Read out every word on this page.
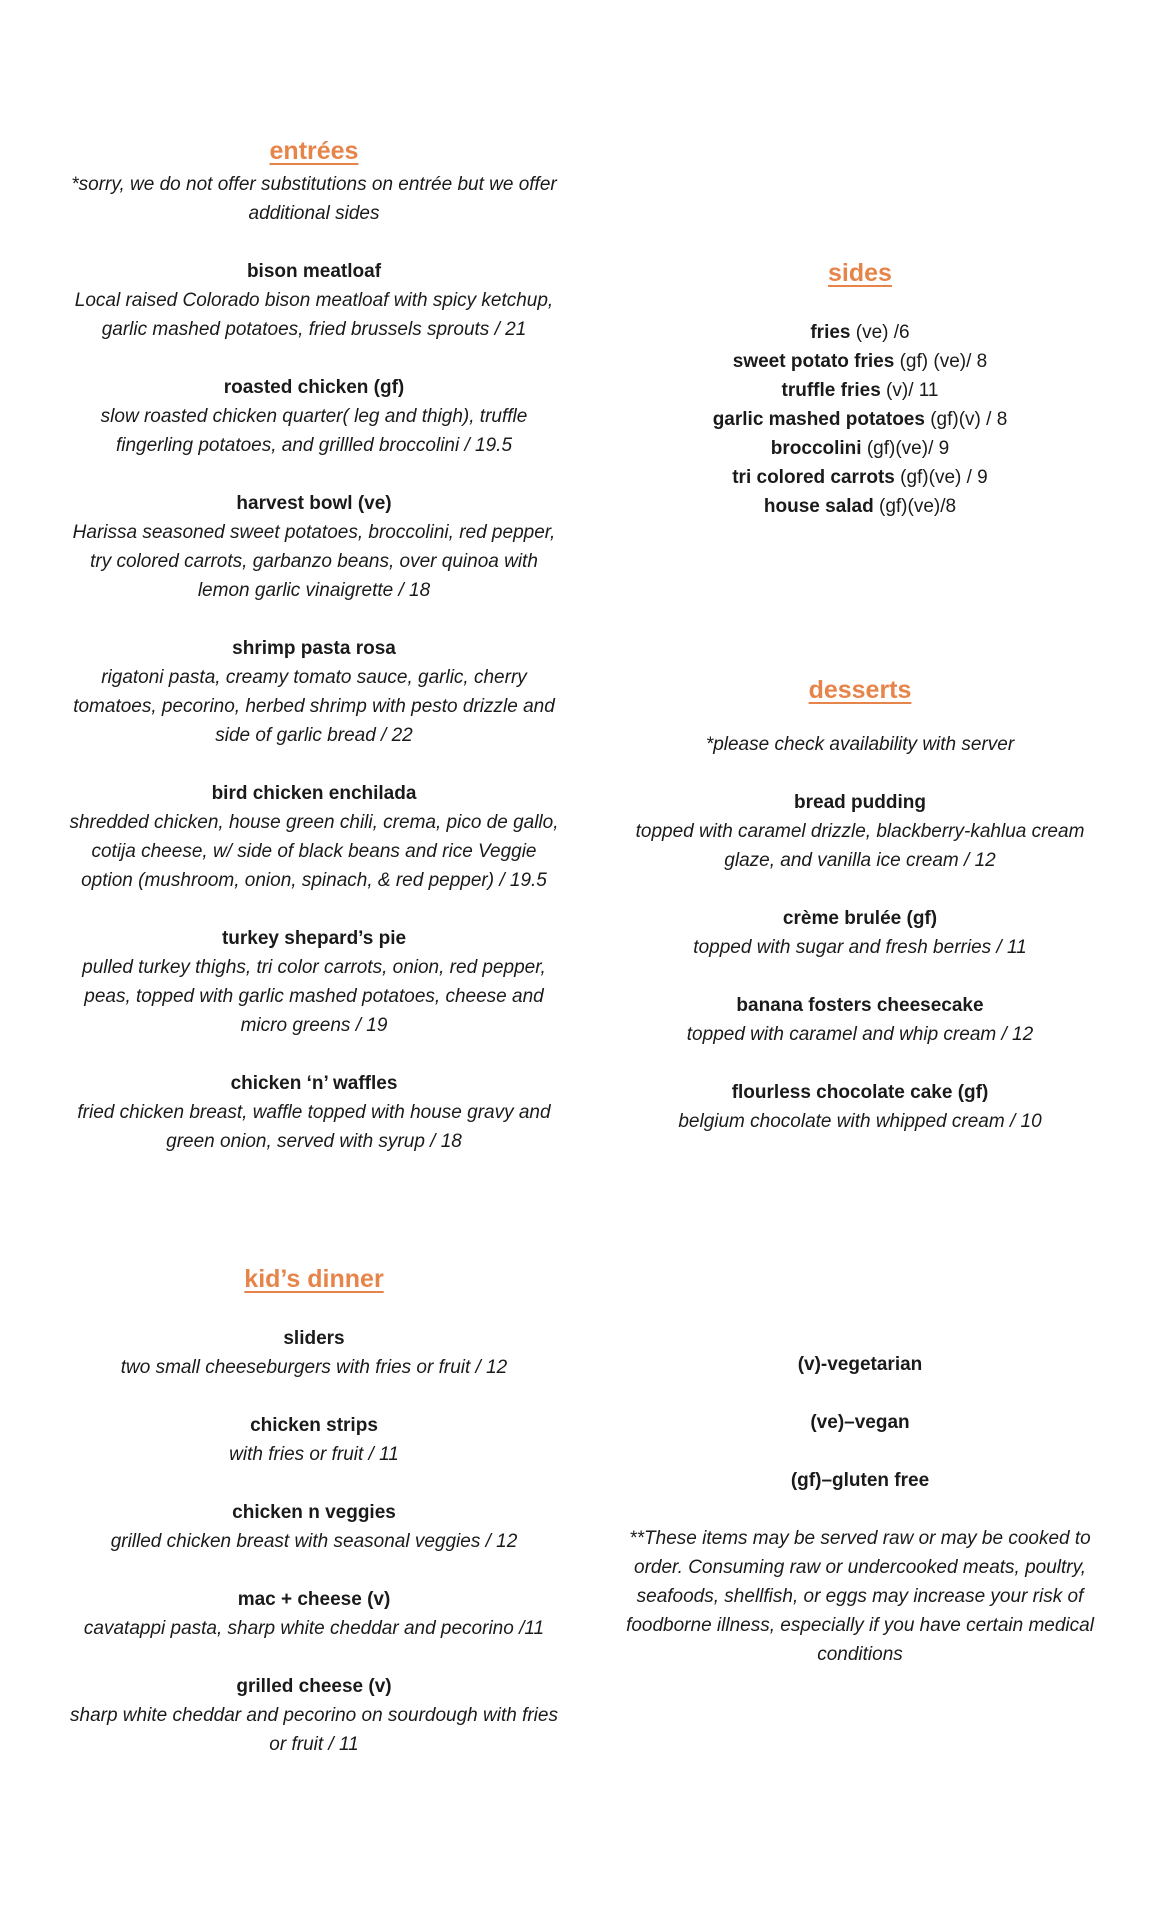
entrées
*sorry, we do not offer substitutions on entrée but we offer additional sides
bison meatloaf
Local raised Colorado bison meatloaf with spicy ketchup, garlic mashed potatoes, fried brussels sprouts / 21
roasted chicken (gf)
slow roasted chicken quarter( leg and thigh), truffle fingerling potatoes, and grillled broccolini / 19.5
harvest bowl (ve)
Harissa seasoned sweet potatoes, broccolini, red pepper, try colored carrots, garbanzo beans, over quinoa with lemon garlic vinaigrette / 18
shrimp pasta rosa
rigatoni pasta, creamy tomato sauce, garlic, cherry tomatoes, pecorino, herbed shrimp with pesto drizzle and side of garlic bread / 22
bird chicken enchilada
shredded chicken, house green chili, crema, pico de gallo, cotija cheese, w/ side of black beans and rice Veggie option (mushroom, onion, spinach, & red pepper) / 19.5
turkey shepard’s pie
pulled turkey thighs, tri color carrots, onion, red pepper, peas, topped with garlic mashed potatoes, cheese and micro greens / 19
chicken ‘n’ waffles
fried chicken breast, waffle topped with house gravy and green onion, served with syrup / 18
kid’s dinner
sliders
two small cheeseburgers with fries or fruit / 12
chicken strips
with fries or fruit / 11
chicken n veggies
grilled chicken breast with seasonal veggies / 12
mac + cheese (v)
cavatappi pasta, sharp white cheddar and pecorino /11
grilled cheese (v)
sharp white cheddar and pecorino on sourdough with fries or fruit / 11
sides
fries (ve) /6
sweet potato fries (gf) (ve)/ 8
truffle fries (v)/ 11
garlic mashed potatoes (gf)(v) / 8
broccolini (gf)(ve)/ 9
tri colored carrots (gf)(ve) / 9
house salad (gf)(ve)/8
desserts
*please check availability with server
bread pudding
topped with caramel drizzle, blackberry-kahlua cream glaze, and vanilla ice cream / 12
crème brulée (gf)
topped with sugar and fresh berries / 11
banana fosters cheesecake
topped with caramel and whip cream / 12
flourless chocolate cake (gf)
belgium chocolate with whipped cream / 10
(v)-vegetarian
(ve)–vegan
(gf)–gluten free
**These items may be served raw or may be cooked to order. Consuming raw or undercooked meats, poultry, seafoods, shellfish, or eggs may increase your risk of foodborne illness, especially if you have certain medical conditions
